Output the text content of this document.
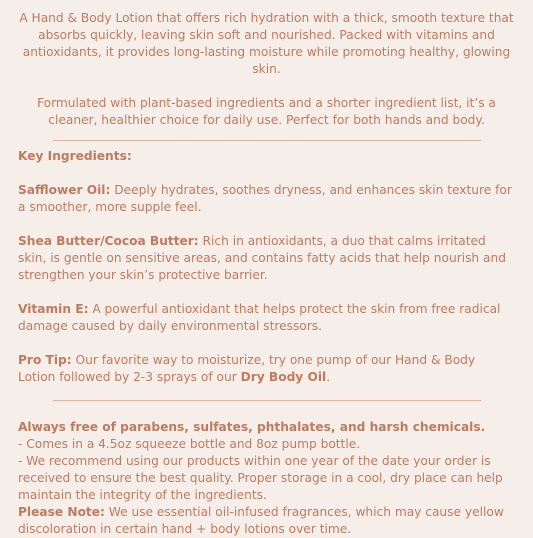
A Hand & Body Lotion that offers rich hydration with a thick, smooth texture that absorbs quickly, leaving skin soft and nourished. Packed with vitamins and antioxidants, it provides long-lasting moisture while promoting healthy, glowing skin.

Formulated with plant-based ingredients and a shorter ingredient list, it’s a cleaner, healthier choice for daily use. Perfect for both hands and body.

Key Ingredients:
Safflower Oil: Deeply hydrates, soothes dryness, and enhances skin texture for a smoother, more supple feel.
Shea Butter/Cocoa Butter: Rich in antioxidants, a duo that calms irritated skin, is gentle on sensitive areas, and contains fatty acids that help nourish and strengthen your skin’s protective barrier.
Vitamin E: A powerful antioxidant that helps protect the skin from free radical damage caused by daily environmental stressors.
Pro Tip: Our favorite way to moisturize, try one pump of our Hand & Body Lotion followed by 2-3 sprays of our Dry Body Oil.
Always free of parabens, sulfates, phthalates, and harsh chemicals.
- Comes in a 4.5oz squeeze bottle and 8oz pump bottle.
- We recommend using our products within one year of the date your order is received to ensure the best quality. Proper storage in a cool, dry place can help maintain the integrity of the ingredients.
Please Note: We use essential oil-infused fragrances, which may cause yellow discoloration in certain hand + body lotions over time.
